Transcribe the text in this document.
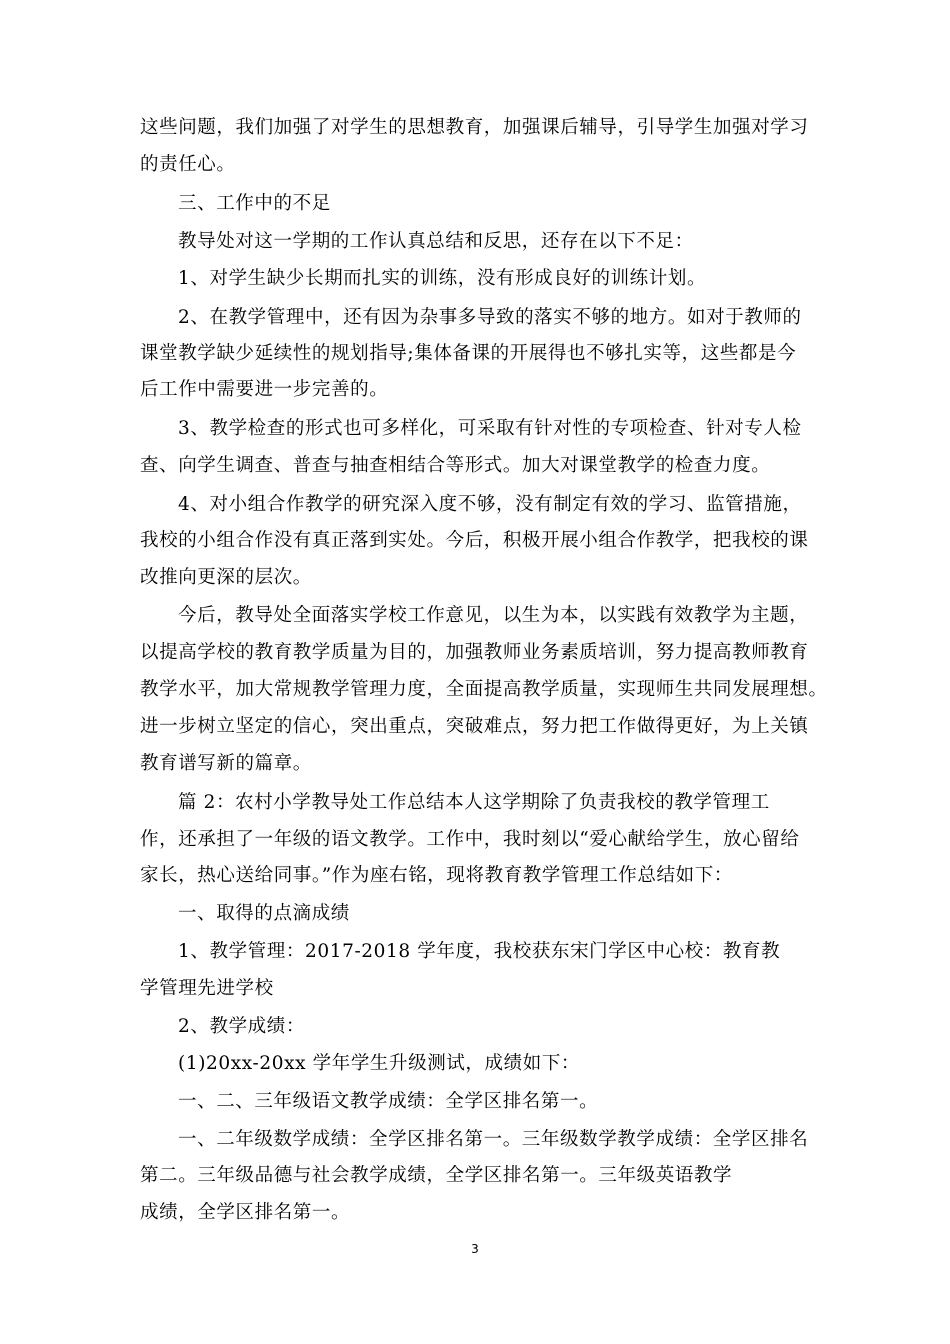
这些问题，我们加强了对学生的思想教育，加强课后辅导，引导学生加强对学习
的责任心。
三、工作中的不足
教导处对这一学期的工作认真总结和反思，还存在以下不足：
1、对学生缺少长期而扎实的训练，没有形成良好的训练计划。
2、在教学管理中，还有因为杂事多导致的落实不够的地方。如对于教师的
课堂教学缺少延续性的规划指导;集体备课的开展得也不够扎实等，这些都是今
后工作中需要进一步完善的。
3、教学检查的形式也可多样化，可采取有针对性的专项检查、针对专人检
查、向学生调查、普查与抽查相结合等形式。加大对课堂教学的检查力度。
4、对小组合作教学的研究深入度不够，没有制定有效的学习、监管措施，
我校的小组合作没有真正落到实处。今后，积极开展小组合作教学，把我校的课
改推向更深的层次。
今后，教导处全面落实学校工作意见，以生为本，以实践有效教学为主题，
以提高学校的教育教学质量为目的，加强教师业务素质培训，努力提高教师教育
教学水平，加大常规教学管理力度，全面提高教学质量，实现师生共同发展理想。
进一步树立坚定的信心，突出重点，突破难点，努力把工作做得更好，为上关镇
教育谱写新的篇章。
篇 2：农村小学教导处工作总结本人这学期除了负责我校的教学管理工
作，还承担了一年级的语文教学。工作中，我时刻以“爱心献给学生，放心留给
家长，热心送给同事。”作为座右铭，现将教育教学管理工作总结如下：
一、取得的点滴成绩
1、教学管理：2017-2018 学年度，我校获东宋门学区中心校：教育教
学管理先进学校
2、教学成绩：
(1)20xx-20xx 学年学生升级测试，成绩如下：
一、二、三年级语文教学成绩：全学区排名第一。
一、二年级数学成绩：全学区排名第一。三年级数学教学成绩：全学区排名
第二。三年级品德与社会教学成绩，全学区排名第一。三年级英语教学
成绩，全学区排名第一。
3
